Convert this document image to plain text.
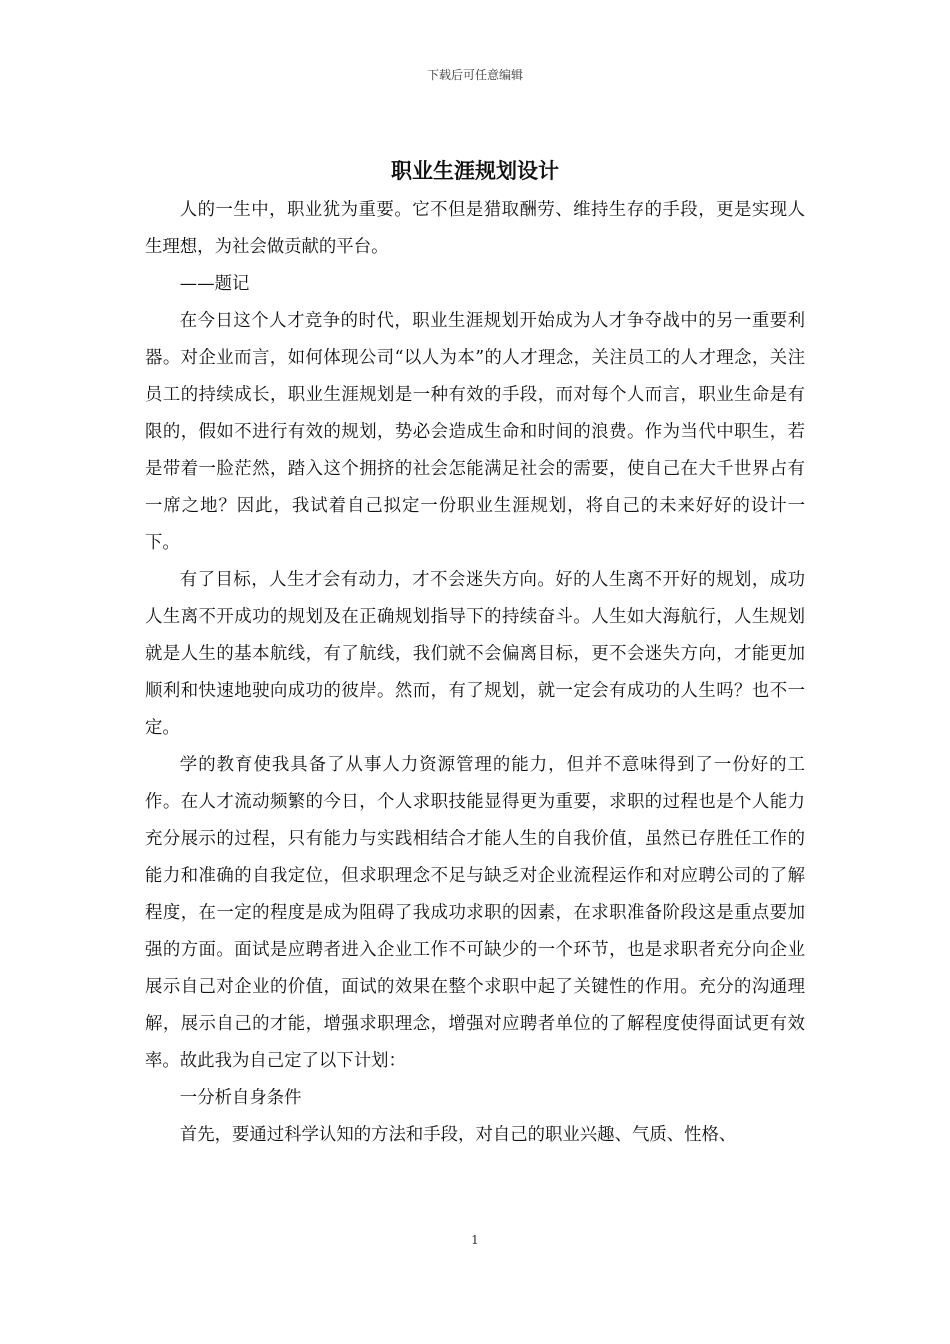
下载后可任意编辑
职业生涯规划设计

人的一生中，职业犹为重要。它不但是猎取酬劳、维持生存的手段，更是实现人生理想，为社会做贡献的平台。

——题记

在今日这个人才竞争的时代，职业生涯规划开始成为人才争夺战中的另一重要利器。对企业而言，如何体现公司“以人为本”的人才理念，关注员工的人才理念，关注员工的持续成长，职业生涯规划是一种有效的手段，而对每个人而言，职业生命是有限的，假如不进行有效的规划，势必会造成生命和时间的浪费。作为当代中职生，若是带着一脸茫然，踏入这个拥挤的社会怎能满足社会的需要，使自己在大千世界占有一席之地？因此，我试着自己拟定一份职业生涯规划，将自己的未来好好的设计一下。

有了目标，人生才会有动力，才不会迷失方向。好的人生离不开好的规划，成功人生离不开成功的规划及在正确规划指导下的持续奋斗。人生如大海航行，人生规划就是人生的基本航线，有了航线，我们就不会偏离目标，更不会迷失方向，才能更加顺利和快速地驶向成功的彼岸。然而，有了规划，就一定会有成功的人生吗？也不一定。

学的教育使我具备了从事人力资源管理的能力，但并不意味得到了一份好的工作。在人才流动频繁的今日，个人求职技能显得更为重要，求职的过程也是个人能力充分展示的过程，只有能力与实践相结合才能人生的自我价值，虽然已存胜任工作的能力和准确的自我定位，但求职理念不足与缺乏对企业流程运作和对应聘公司的了解程度，在一定的程度是成为阻碍了我成功求职的因素，在求职准备阶段这是重点要加强的方面。面试是应聘者进入企业工作不可缺少的一个环节，也是求职者充分向企业展示自己对企业的价值，面试的效果在整个求职中起了关键性的作用。充分的沟通理解，展示自己的才能，增强求职理念，增强对应聘者单位的了解程度使得面试更有效率。故此我为自己定了以下计划：

一分析自身条件

首先，要通过科学认知的方法和手段，对自己的职业兴趣、气质、性格、

1
